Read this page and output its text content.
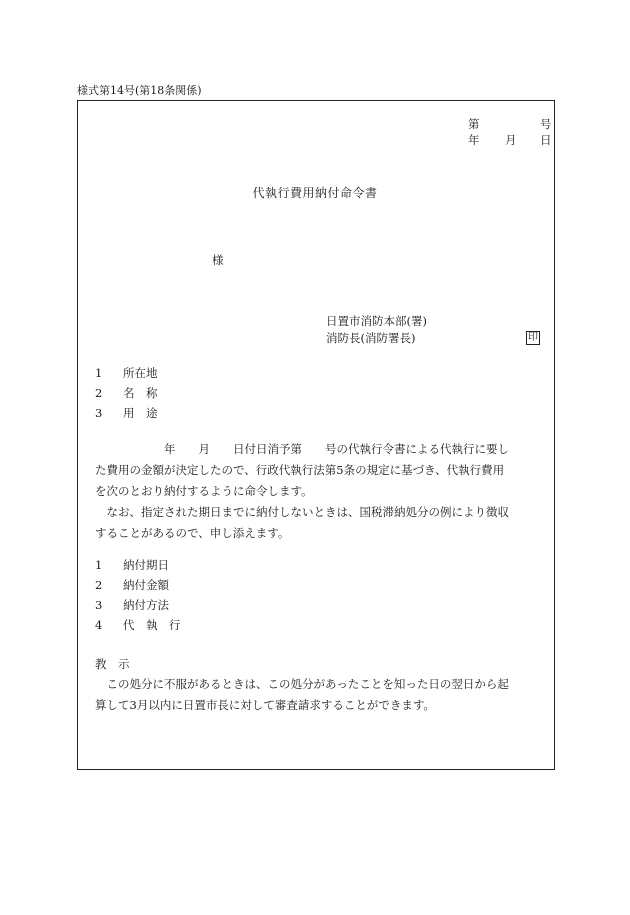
様式第14号(第18条関係)
第	号
年 月 日
代執行費用納付命令書
様
日置市消防本部(署)
消防長(消防署長)	印
1 所在地
2 名　称
3 用　途
　　　　　　年　　月　　日付日消予第　　号の代執行令書による代執行に要し
た費用の金額が決定したので、行政代執行法第5条の規定に基づき、代執行費用
を次のとおり納付するように命令します。
　なお、指定された期日までに納付しないときは、国税滞納処分の例により徴収
することがあるので、申し添えます。
1 納付期日
2 納付金額
3 納付方法
4 代　執　行
教　示
　この処分に不服があるときは、この処分があったことを知った日の翌日から起
算して3月以内に日置市長に対して審査請求することができます。
